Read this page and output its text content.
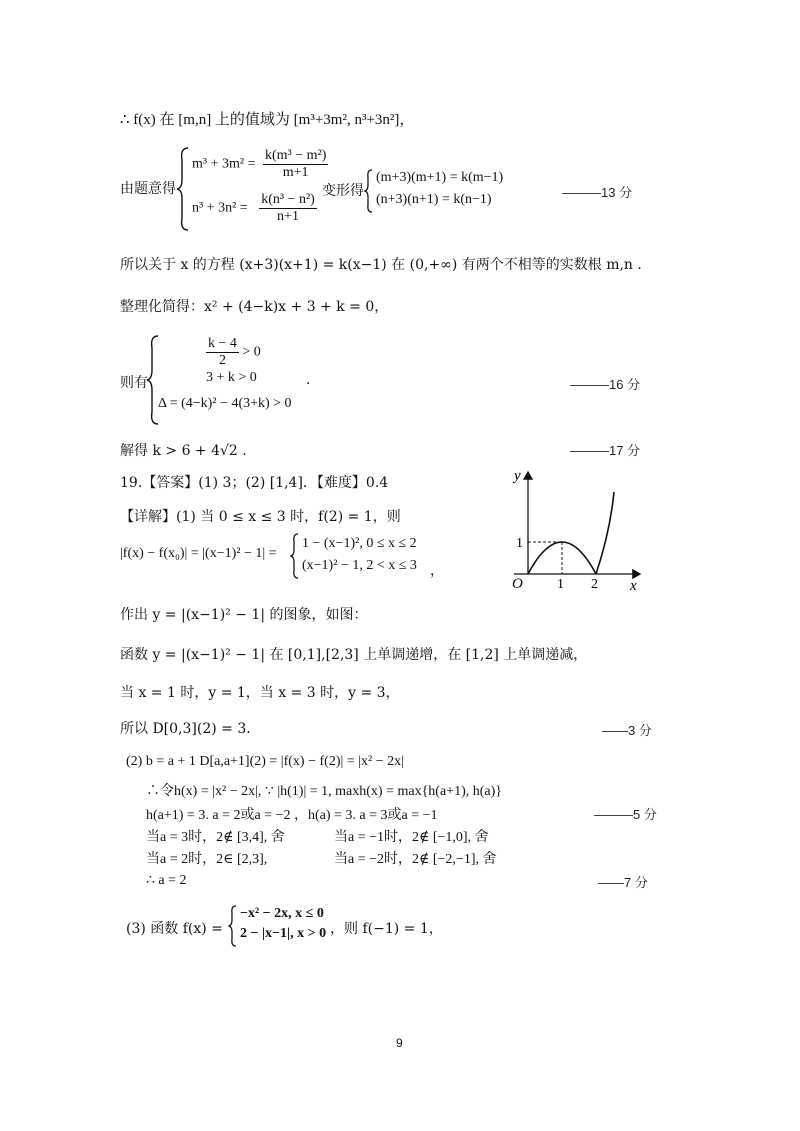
∴ f(x) 在 [m,n] 上的值域为 [m³+3m², n³+3n²]，
由题意得
$m^3 + 3m^2 = \frac{\text{k(m³ − m²)}}{m+1}$
$n^3 + 3n^2 = \frac{\text{k(n³ − n²)}}{n+1}$
变形得
(m+3)(m+1) = k(m−1)
(n+3)(n+1) = k(n−1)	———13 分
所以关于 x 的方程 (x+3)(x+1) = k(x−1) 在 (0,+∞) 有两个不相等的实数根 m,n .
整理化简得：x² + (4−k)x + 3 + k = 0，
则有
$\frac{k - 4}{2} > 0$
3 + k > 0
Δ = (4−k)² − 4(3+k) > 0
.	———16 分
解得 k > 6 + 4√2 .	———17 分
19.【答案】(1) 3；(2) [1,4]．【难度】0.4
【详解】(1) 当 0 ≤ x ≤ 3 时，f(2) = 1，则
|f(x) − f(x₀)| = |(x−1)² − 1| =
1 − (x−1)², 0 ≤ x ≤ 2
(x−1)² − 1, 2 < x ≤ 3 ，
y
x
O 1 2
1
作出 y = |(x−1)² − 1| 的图象，如图：
函数 y = |(x−1)² − 1| 在 [0,1],[2,3] 上单调递增，在 [1,2] 上单调递减，
当 x = 1 时，y = 1，当 x = 3 时，y = 3，
所以 D[0,3](2) = 3.	——3 分
(2) b = a + 1 D[a,a+1](2) = |f(x) − f(2)| = |x² − 2x|
∴令h(x) = |x² − 2x|, ∵ |h(1)| = 1, maxh(x) = max{h(a+1), h(a)}
h(a+1) = 3. a = 2或a = −2 ，h(a) = 3. a = 3或a = −1	———5 分
当a = 3时，2∉ [3,4], 舍	当a = −1时，2∉ [−1,0], 舍
当a = 2时，2∈ [2,3],	当a = −2时，2∉ [−2,−1], 舍
∴ a = 2	——7 分
(3) 函数 f(x) =
−x² − 2x, x ≤ 0
2 − |x−1|, x > 0 ，则 f(−1) = 1，
9
